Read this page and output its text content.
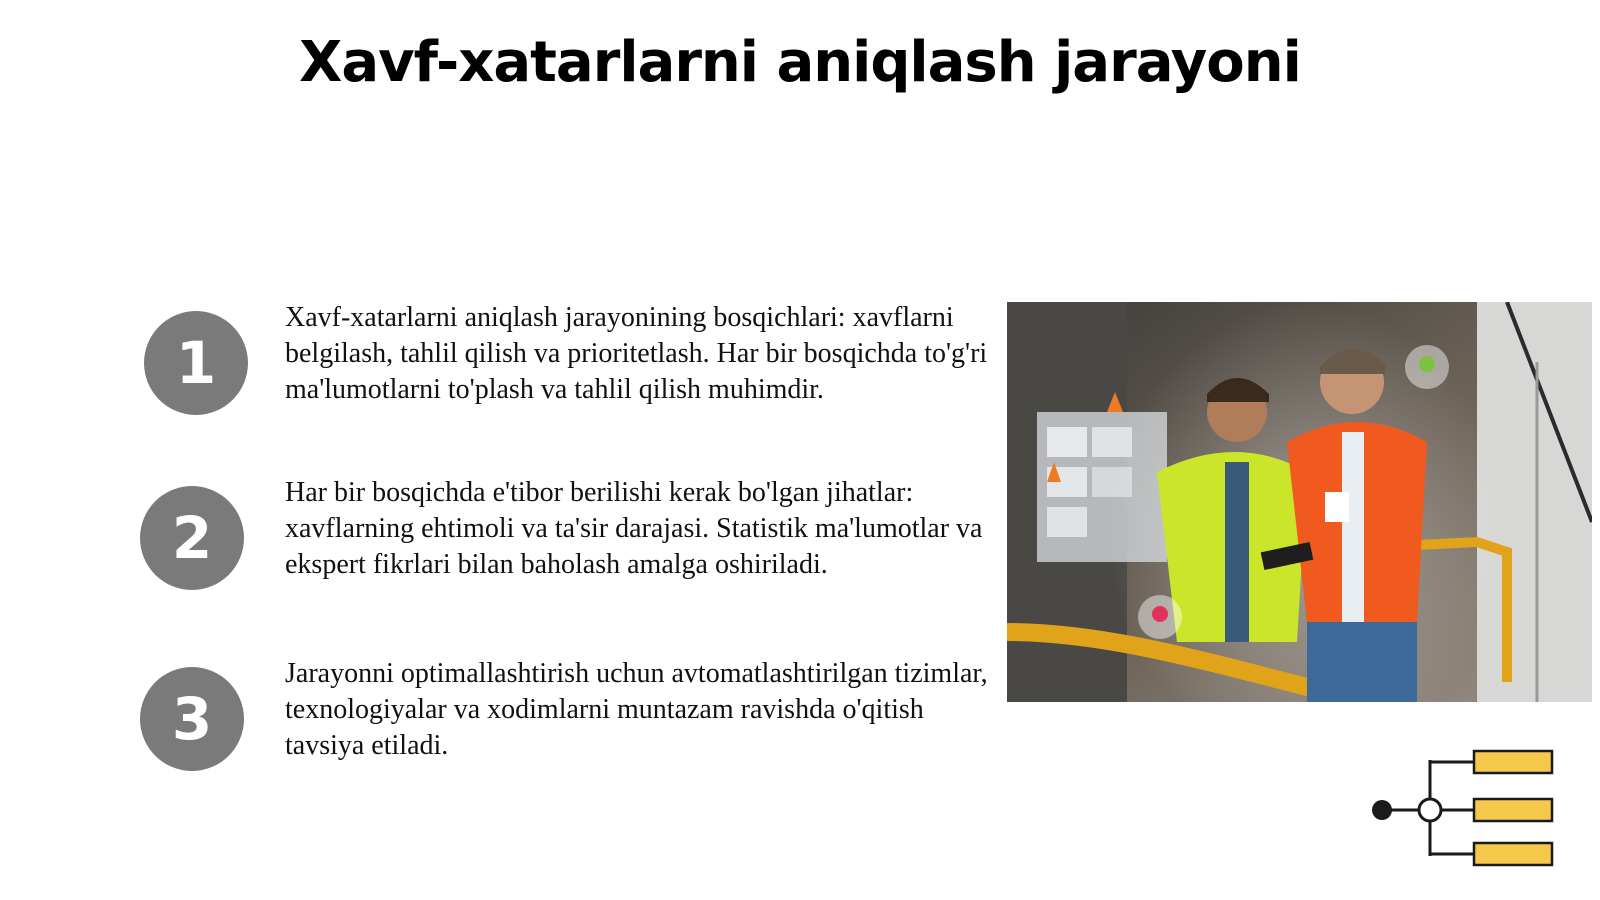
Xavf-xatarlarni aniqlash jarayoni
1

Xavf-xatarlarni aniqlash jarayonining bosqichlari: xavflarni belgilash, tahlil qilish va prioritetlash. Har bir bosqichda to'g'ri ma'lumotlarni to'plash va tahlil qilish muhimdir.

2

Har bir bosqichda e'tibor berilishi kerak bo'lgan jihatlar: xavflarning ehtimoli va ta'sir darajasi. Statistik ma'lumotlar va ekspert fikrlari bilan baholash amalga oshiriladi.

3

Jarayonni optimallashtirish uchun avtomatlashtirilgan tizimlar, texnologiyalar va xodimlarni muntazam ravishda o'qitish tavsiya etiladi.
